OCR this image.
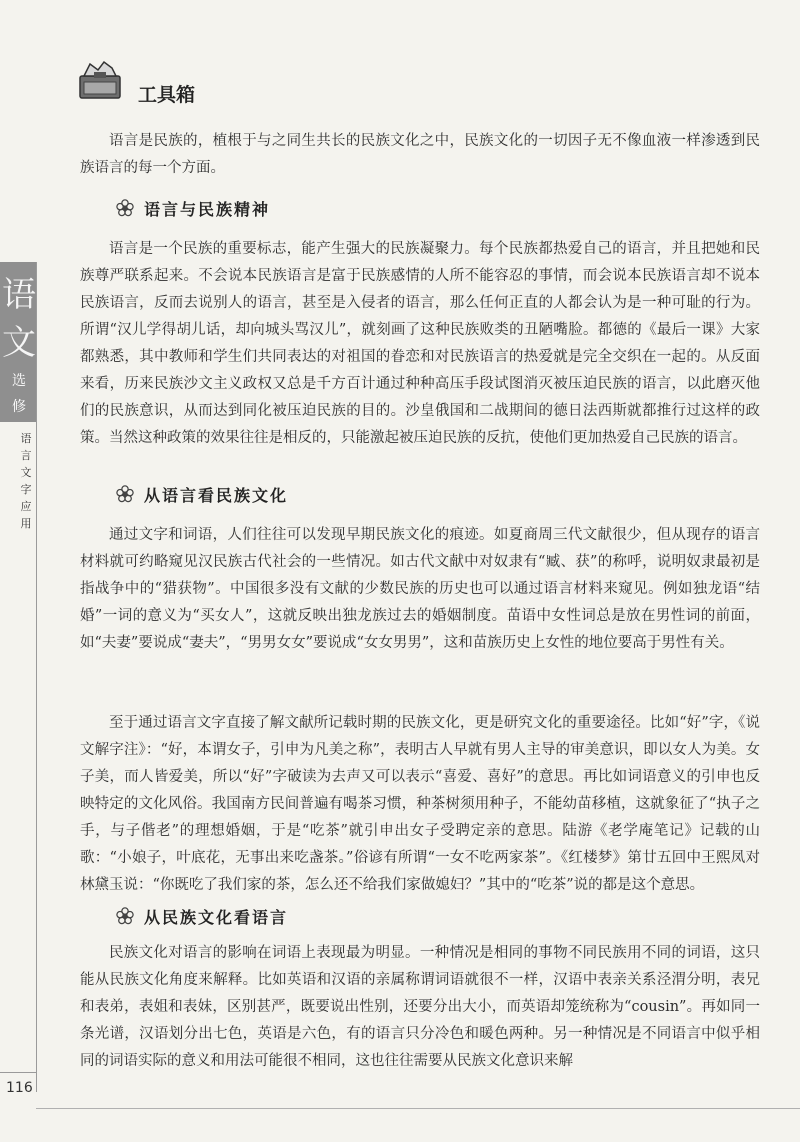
语
文
选
修
语言文字应用
116
工具箱

语言是民族的，植根于与之同生共长的民族文化之中，民族文化的一切因子无不像血液一样渗透到民族语言的每一个方面。

语言与民族精神

语言是一个民族的重要标志，能产生强大的民族凝聚力。每个民族都热爱自己的语言，并且把她和民族尊严联系起来。不会说本民族语言是富于民族感情的人所不能容忍的事情，而会说本民族语言却不说本民族语言，反而去说别人的语言，甚至是入侵者的语言，那么任何正直的人都会认为是一种可耻的行为。所谓“汉儿学得胡儿话，却向城头骂汉儿”，就刻画了这种民族败类的丑陋嘴脸。都德的《最后一课》大家都熟悉，其中教师和学生们共同表达的对祖国的眷恋和对民族语言的热爱就是完全交织在一起的。从反面来看，历来民族沙文主义政权又总是千方百计通过种种高压手段试图消灭被压迫民族的语言，以此磨灭他们的民族意识，从而达到同化被压迫民族的目的。沙皇俄国和二战期间的德日法西斯就都推行过这样的政策。当然这种政策的效果往往是相反的，只能激起被压迫民族的反抗，使他们更加热爱自己民族的语言。

从语言看民族文化

通过文字和词语，人们往往可以发现早期民族文化的痕迹。如夏商周三代文献很少，但从现存的语言材料就可约略窥见汉民族古代社会的一些情况。如古代文献中对奴隶有“臧、获”的称呼，说明奴隶最初是指战争中的“猎获物”。中国很多没有文献的少数民族的历史也可以通过语言材料来窥见。例如独龙语“结婚”一词的意义为“买女人”，这就反映出独龙族过去的婚姻制度。苗语中女性词总是放在男性词的前面，如“夫妻”要说成“妻夫”，“男男女女”要说成“女女男男”，这和苗族历史上女性的地位要高于男性有关。

至于通过语言文字直接了解文献所记载时期的民族文化，更是研究文化的重要途径。比如“好”字，《说文解字注》：“好，本谓女子，引申为凡美之称”，表明古人早就有男人主导的审美意识，即以女人为美。女子美，而人皆爱美，所以“好”字破读为去声又可以表示“喜爱、喜好”的意思。再比如词语意义的引申也反映特定的文化风俗。我国南方民间普遍有喝茶习惯，种茶树须用种子，不能幼苗移植，这就象征了“执子之手，与子偕老”的理想婚姻，于是“吃茶”就引申出女子受聘定亲的意思。陆游《老学庵笔记》记载的山歌：“小娘子，叶底花，无事出来吃盏茶。”俗谚有所谓“一女不吃两家茶”。《红楼梦》第廿五回中王熙凤对林黛玉说：“你既吃了我们家的茶，怎么还不给我们家做媳妇？”其中的“吃茶”说的都是这个意思。

从民族文化看语言

民族文化对语言的影响在词语上表现最为明显。一种情况是相同的事物不同民族用不同的词语，这只能从民族文化角度来解释。比如英语和汉语的亲属称谓词语就很不一样，汉语中表亲关系泾渭分明，表兄和表弟，表姐和表妹，区别甚严，既要说出性别，还要分出大小，而英语却笼统称为“cousin”。再如同一条光谱，汉语划分出七色，英语是六色，有的语言只分冷色和暖色两种。另一种情况是不同语言中似乎相同的词语实际的意义和用法可能很不相同，这也往往需要从民族文化意识来解
